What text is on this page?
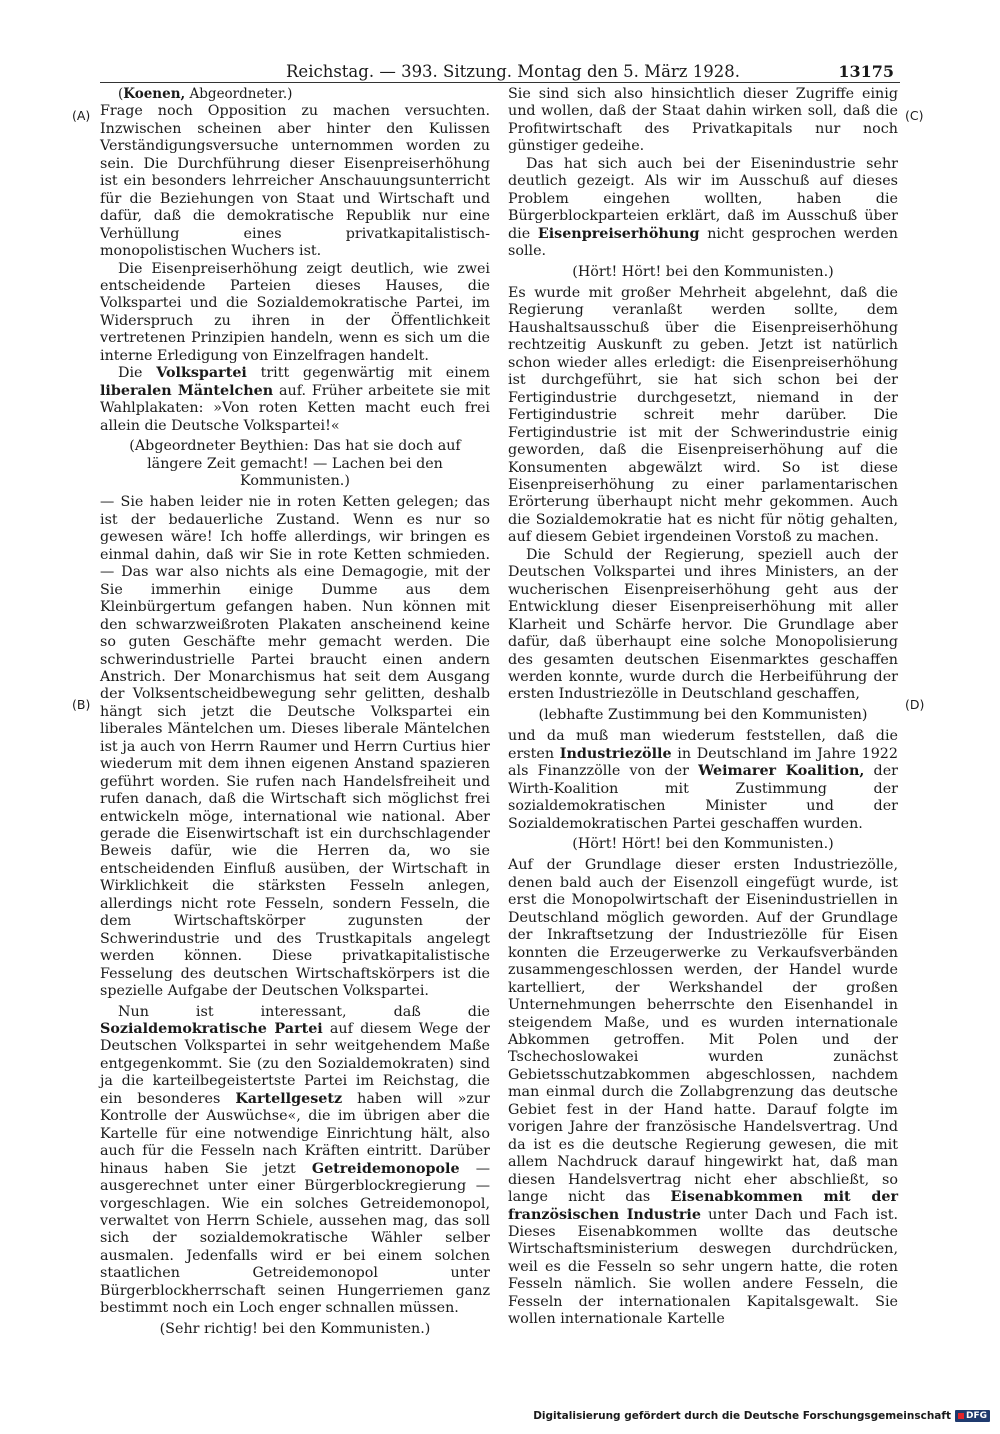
Reichstag. — 393. Sitzung. Montag den 5. März 1928.	13175
(A)
(B)
(C)
(D)

(Koenen, Abgeordneter.)

Frage noch Opposition zu machen versuchten. Inzwischen scheinen aber hinter den Kulissen Verständigungsversuche unternommen worden zu sein. Die Durchführung dieser Eisenpreiserhöhung ist ein besonders lehrreicher Anschauungsunterricht für die Beziehungen von Staat und Wirtschaft und dafür, daß die demokratische Republik nur eine Verhüllung eines privatkapitalistisch-monopolistischen Wuchers ist.

Die Eisenpreiserhöhung zeigt deutlich, wie zwei entscheidende Parteien dieses Hauses, die Volkspartei und die Sozialdemokratische Partei, im Widerspruch zu ihren in der Öffentlichkeit vertretenen Prinzipien handeln, wenn es sich um die interne Erledigung von Einzelfragen handelt.

Die Volkspartei tritt gegenwärtig mit einem liberalen Mäntelchen auf. Früher arbeitete sie mit Wahlplakaten: »Von roten Ketten macht euch frei allein die Deutsche Volkspartei!«

(Abgeordneter Beythien: Das hat sie doch auf längere Zeit gemacht! — Lachen bei den Kommunisten.)

— Sie haben leider nie in roten Ketten gelegen; das ist der bedauerliche Zustand. Wenn es nur so gewesen wäre! Ich hoffe allerdings, wir bringen es einmal dahin, daß wir Sie in rote Ketten schmieden. — Das war also nichts als eine Demagogie, mit der Sie immerhin einige Dumme aus dem Kleinbürgertum gefangen haben. Nun können mit den schwarzweißroten Plakaten anscheinend keine so guten Geschäfte mehr gemacht werden. Die schwerindustrielle Partei braucht einen andern Anstrich. Der Monarchismus hat seit dem Ausgang der Volksentscheidbewegung sehr gelitten, deshalb hängt sich jetzt die Deutsche Volkspartei ein liberales Mäntelchen um. Dieses liberale Mäntelchen ist ja auch von Herrn Raumer und Herrn Curtius hier wiederum mit dem ihnen eigenen Anstand spazieren geführt worden. Sie rufen nach Handelsfreiheit und rufen danach, daß die Wirtschaft sich möglichst frei entwickeln möge, international wie national. Aber gerade die Eisenwirtschaft ist ein durchschlagender Beweis dafür, wie die Herren da, wo sie entscheidenden Einfluß ausüben, der Wirtschaft in Wirklichkeit die stärksten Fesseln anlegen, allerdings nicht rote Fesseln, sondern Fesseln, die dem Wirtschaftskörper zugunsten der Schwerindustrie und des Trustkapitals angelegt werden können. Diese privatkapitalistische Fesselung des deutschen Wirtschaftskörpers ist die spezielle Aufgabe der Deutschen Volkspartei.

Nun ist interessant, daß die Sozialdemokratische Partei auf diesem Wege der Deutschen Volkspartei in sehr weitgehendem Maße entgegenkommt. Sie (zu den Sozialdemokraten) sind ja die karteilbegeistertste Partei im Reichstag, die ein besonderes Kartellgesetz haben will »zur Kontrolle der Auswüchse«, die im übrigen aber die Kartelle für eine notwendige Einrichtung hält, also auch für die Fesseln nach Kräften eintritt. Darüber hinaus haben Sie jetzt Getreidemonopole — ausgerechnet unter einer Bürgerblockregierung — vorgeschlagen. Wie ein solches Getreidemonopol, verwaltet von Herrn Schiele, aussehen mag, das soll sich der sozialdemokratische Wähler selber ausmalen. Jedenfalls wird er bei einem solchen staatlichen Getreidemonopol unter Bürgerblockherrschaft seinen Hungerriemen ganz bestimmt noch ein Loch enger schnallen müssen.

(Sehr richtig! bei den Kommunisten.)

Sie sind sich also hinsichtlich dieser Zugriffe einig und wollen, daß der Staat dahin wirken soll, daß die Profitwirtschaft des Privatkapitals nur noch günstiger gedeihe.

Das hat sich auch bei der Eisenindustrie sehr deutlich gezeigt. Als wir im Ausschuß auf dieses Problem eingehen wollten, haben die Bürgerblockparteien erklärt, daß im Ausschuß über die Eisenpreiserhöhung nicht gesprochen werden solle.

(Hört! Hört! bei den Kommunisten.)

Es wurde mit großer Mehrheit abgelehnt, daß die Regierung veranlaßt werden sollte, dem Haushaltsausschuß über die Eisenpreiserhöhung rechtzeitig Auskunft zu geben. Jetzt ist natürlich schon wieder alles erledigt: die Eisenpreiserhöhung ist durchgeführt, sie hat sich schon bei der Fertigindustrie durchgesetzt, niemand in der Fertigindustrie schreit mehr darüber. Die Fertigindustrie ist mit der Schwerindustrie einig geworden, daß die Eisenpreiserhöhung auf die Konsumenten abgewälzt wird. So ist diese Eisenpreiserhöhung zu einer parlamentarischen Erörterung überhaupt nicht mehr gekommen. Auch die Sozialdemokratie hat es nicht für nötig gehalten, auf diesem Gebiet irgendeinen Vorstoß zu machen.

Die Schuld der Regierung, speziell auch der Deutschen Volkspartei und ihres Ministers, an der wucherischen Eisenpreiserhöhung geht aus der Entwicklung dieser Eisenpreiserhöhung mit aller Klarheit und Schärfe hervor. Die Grundlage aber dafür, daß überhaupt eine solche Monopolisierung des gesamten deutschen Eisenmarktes geschaffen werden konnte, wurde durch die Herbeiführung der ersten Industriezölle in Deutschland geschaffen,

(lebhafte Zustimmung bei den Kommunisten)

und da muß man wiederum feststellen, daß die ersten Industriezölle in Deutschland im Jahre 1922 als Finanzzölle von der Weimarer Koalition, der Wirth-Koalition mit Zustimmung der sozialdemokratischen Minister und der Sozialdemokratischen Partei geschaffen wurden.

(Hört! Hört! bei den Kommunisten.)

Auf der Grundlage dieser ersten Industriezölle, denen bald auch der Eisenzoll eingefügt wurde, ist erst die Monopolwirtschaft der Eisenindustriellen in Deutschland möglich geworden. Auf der Grundlage der Inkraftsetzung der Industriezölle für Eisen konnten die Erzeugerwerke zu Verkaufsverbänden zusammengeschlossen werden, der Handel wurde kartelliert, der Werkshandel der großen Unternehmungen beherrschte den Eisenhandel in steigendem Maße, und es wurden internationale Abkommen getroffen. Mit Polen und der Tschechoslowakei wurden zunächst Gebietsschutzabkommen abgeschlossen, nachdem man einmal durch die Zollabgrenzung das deutsche Gebiet fest in der Hand hatte. Darauf folgte im vorigen Jahre der französische Handelsvertrag. Und da ist es die deutsche Regierung gewesen, die mit allem Nachdruck darauf hingewirkt hat, daß man diesen Handelsvertrag nicht eher abschließt, so lange nicht das Eisenabkommen mit der französischen Industrie unter Dach und Fach ist. Dieses Eisenabkommen wollte das deutsche Wirtschaftsministerium deswegen durchdrücken, weil es die Fesseln so sehr ungern hatte, die roten Fesseln nämlich. Sie wollen andere Fesseln, die Fesseln der internationalen Kapitalsgewalt. Sie wollen internationale Kartelle

Digitalisierung gefördert durch die Deutsche Forschungsgemeinschaft DFG
